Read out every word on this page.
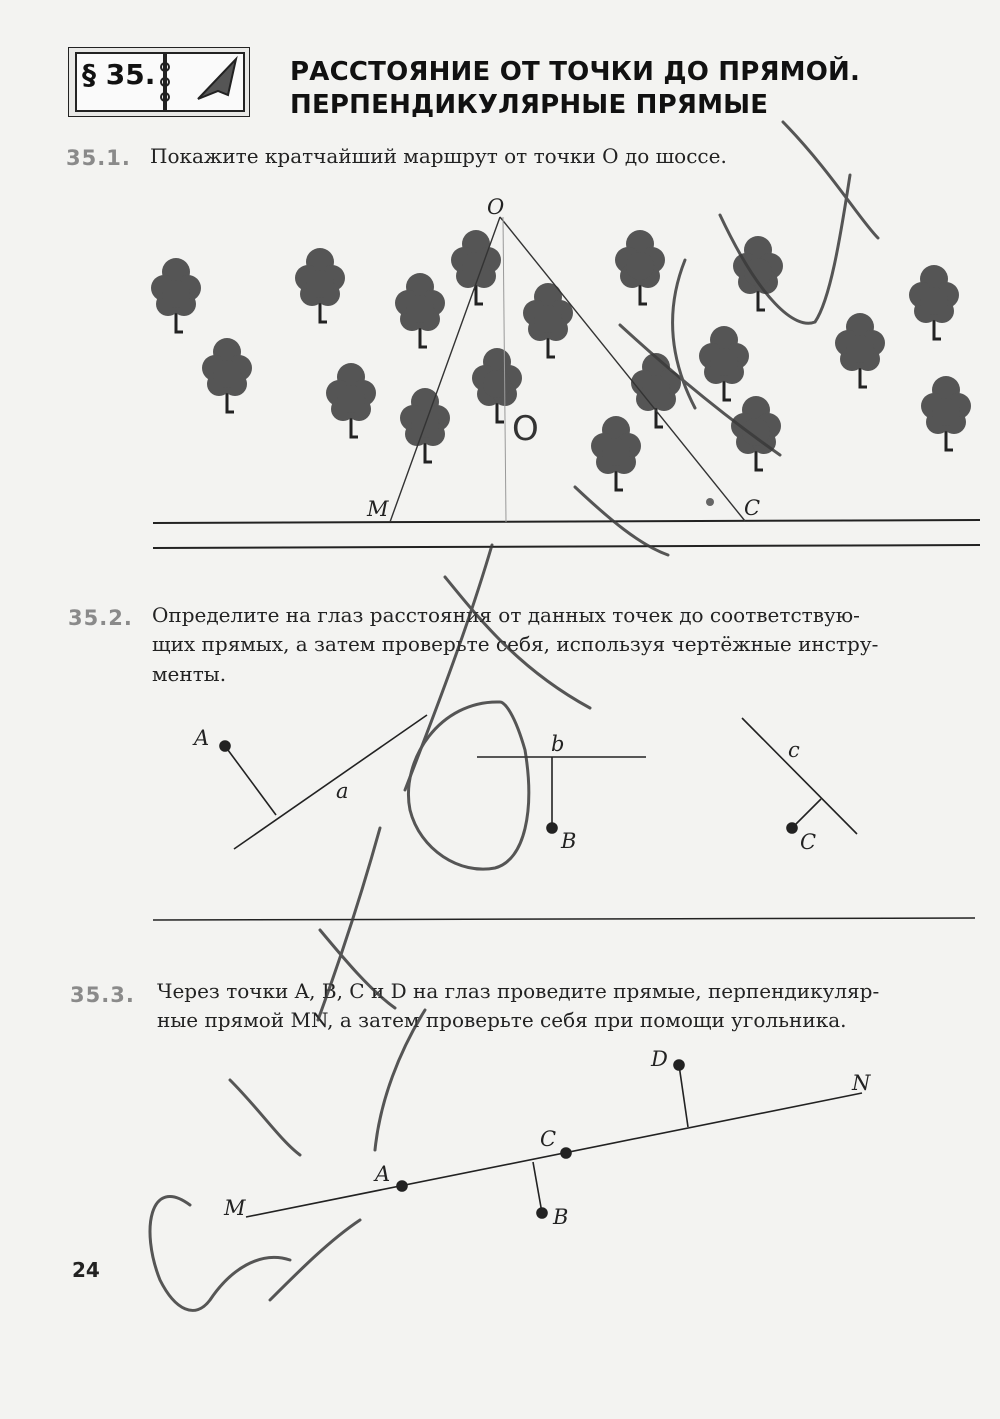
§ 35.	РАССТОЯНИЕ ОТ ТОЧКИ ДО ПРЯМОЙ.
ПЕРПЕНДИКУЛЯРНЫЕ ПРЯМЫЕ
35.1. Покажите кратчайший маршрут от точки O до шоссе.
35.2. Определите на глаз расстояния от данных точек до соответствую-
щих прямых, а затем проверьте себя, используя чертёжные инстру-
менты.
35.3. Через точки A, B, C и D на глаз проведите прямые, перпендикуляр-
ные прямой MN, а затем проверьте себя при помощи угольника.
24
O
M	C
O
A
a
b
B
c
C
M
N
A
B
C
D
